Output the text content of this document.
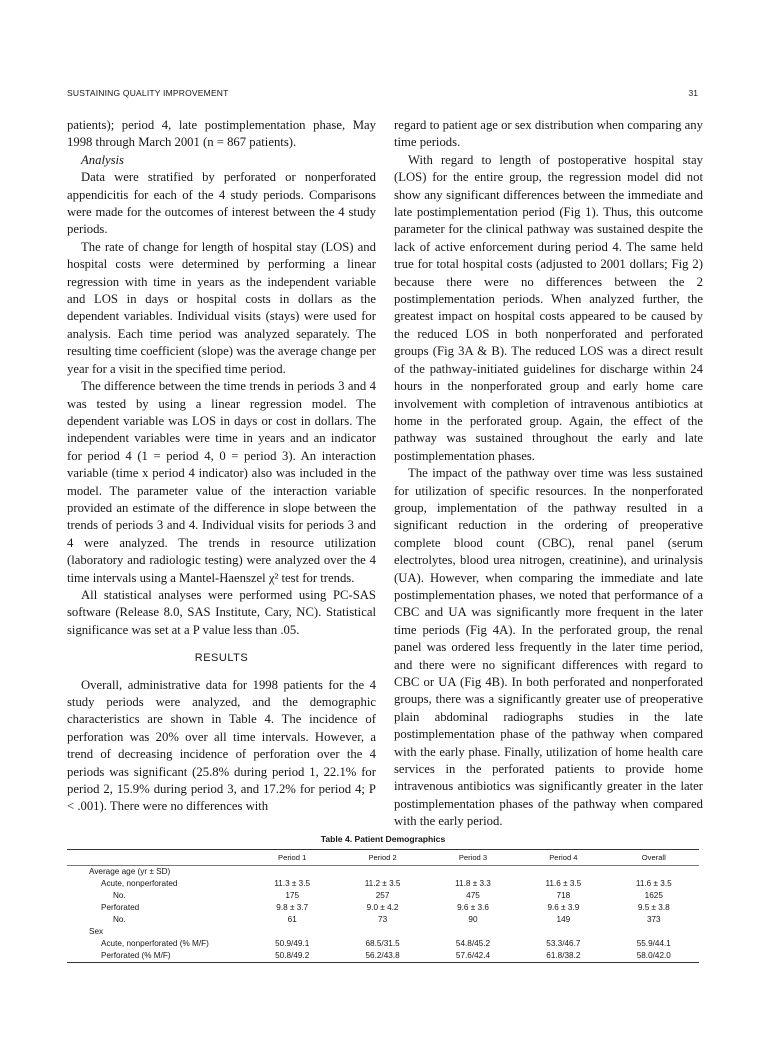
SUSTAINING QUALITY IMPROVEMENT	31

patients); period 4, late postimplementation phase, May 1998 through March 2001 (n = 867 patients).

Analysis

Data were stratified by perforated or nonperforated appendicitis for each of the 4 study periods. Comparisons were made for the outcomes of interest between the 4 study periods.

The rate of change for length of hospital stay (LOS) and hospital costs were determined by performing a linear regression with time in years as the independent variable and LOS in days or hospital costs in dollars as the dependent variables. Individual visits (stays) were used for analysis. Each time period was analyzed separately. The resulting time coefficient (slope) was the average change per year for a visit in the specified time period.

The difference between the time trends in periods 3 and 4 was tested by using a linear regression model. The dependent variable was LOS in days or cost in dollars. The independent variables were time in years and an indicator for period 4 (1 = period 4, 0 = period 3). An interaction variable (time x period 4 indicator) also was included in the model. The parameter value of the interaction variable provided an estimate of the difference in slope between the trends of periods 3 and 4. Individual visits for periods 3 and 4 were analyzed. The trends in resource utilization (laboratory and radiologic testing) were analyzed over the 4 time intervals using a Mantel-Haenszel χ² test for trends.

All statistical analyses were performed using PC-SAS software (Release 8.0, SAS Institute, Cary, NC). Statistical significance was set at a P value less than .05.

RESULTS

Overall, administrative data for 1998 patients for the 4 study periods were analyzed, and the demographic characteristics are shown in Table 4. The incidence of perforation was 20% over all time intervals. However, a trend of decreasing incidence of perforation over the 4 periods was significant (25.8% during period 1, 22.1% for period 2, 15.9% during period 3, and 17.2% for period 4; P < .001). There were no differences with

regard to patient age or sex distribution when comparing any time periods.

With regard to length of postoperative hospital stay (LOS) for the entire group, the regression model did not show any significant differences between the immediate and late postimplementation period (Fig 1). Thus, this outcome parameter for the clinical pathway was sustained despite the lack of active enforcement during period 4. The same held true for total hospital costs (adjusted to 2001 dollars; Fig 2) because there were no differences between the 2 postimplementation periods. When analyzed further, the greatest impact on hospital costs appeared to be caused by the reduced LOS in both nonperforated and perforated groups (Fig 3A & B). The reduced LOS was a direct result of the pathway-initiated guidelines for discharge within 24 hours in the nonperforated group and early home care involvement with completion of intravenous antibiotics at home in the perforated group. Again, the effect of the pathway was sustained throughout the early and late postimplementation phases.

The impact of the pathway over time was less sustained for utilization of specific resources. In the nonperforated group, implementation of the pathway resulted in a significant reduction in the ordering of preoperative complete blood count (CBC), renal panel (serum electrolytes, blood urea nitrogen, creatinine), and urinalysis (UA). However, when comparing the immediate and late postimplementation phases, we noted that performance of a CBC and UA was significantly more frequent in the later time periods (Fig 4A). In the perforated group, the renal panel was ordered less frequently in the later time period, and there were no significant differences with regard to CBC or UA (Fig 4B). In both perforated and nonperforated groups, there was a significantly greater use of preoperative plain abdominal radiographs studies in the late postimplementation phase of the pathway when compared with the early phase. Finally, utilization of home health care services in the perforated patients to provide home intravenous antibiotics was significantly greater in the later postimplementation phases of the pathway when compared with the early period.

Table 4. Patient Demographics
	Period 1	Period 2	Period 3	Period 4	Overall

Average age (yr ± SD)					
Acute, nonperforated	11.3 ± 3.5	11.2 ± 3.5	11.8 ± 3.3	11.6 ± 3.5	11.6 ± 3.5
No.	175	257	475	718	1625
Perforated	9.8 ± 3.7	9.0 ± 4.2	9.6 ± 3.6	9.6 ± 3.9	9.5 ± 3.8
No.	61	73	90	149	373
Sex					
Acute, nonperforated (% M/F)	50.9/49.1	68.5/31.5	54.8/45.2	53.3/46.7	55.9/44.1
Perforated (% M/F)	50.8/49.2	56.2/43.8	57.6/42.4	61.8/38.2	58.0/42.0
